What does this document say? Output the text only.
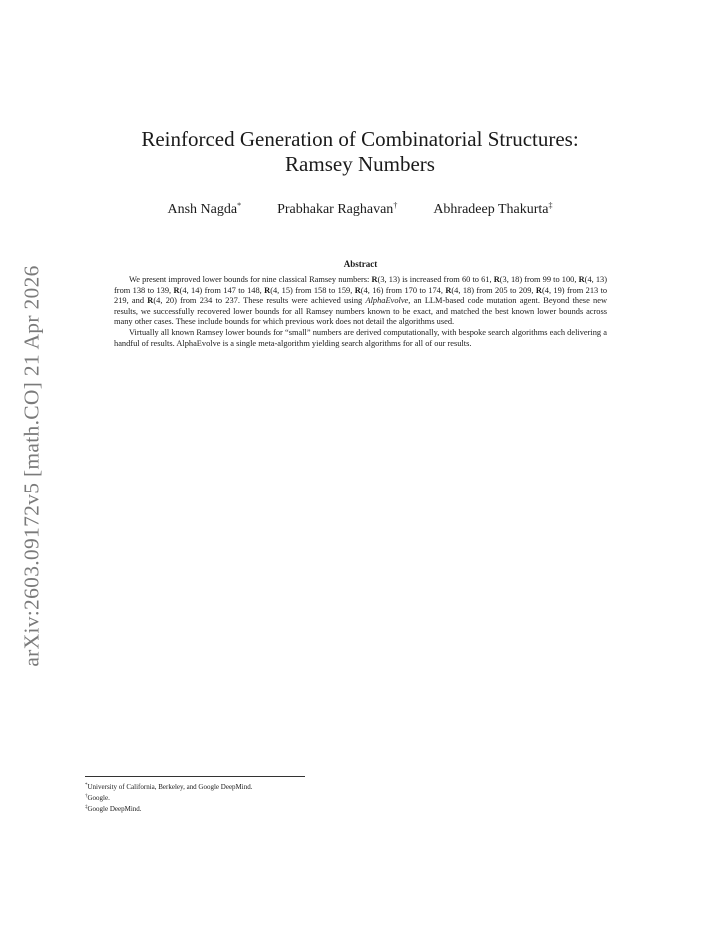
arXiv:2603.09172v5 [math.CO] 21 Apr 2026
Reinforced Generation of Combinatorial Structures:
Ramsey Numbers
Ansh Nagda*	Prabhakar Raghavan†	Abhradeep Thakurta‡
Abstract

We present improved lower bounds for nine classical Ramsey numbers: R(3, 13) is increased from 60 to 61, R(3, 18) from 99 to 100, R(4, 13) from 138 to 139, R(4, 14) from 147 to 148, R(4, 15) from 158 to 159, R(4, 16) from 170 to 174, R(4, 18) from 205 to 209, R(4, 19) from 213 to 219, and R(4, 20) from 234 to 237. These results were achieved using AlphaEvolve, an LLM-based code mutation agent. Beyond these new results, we successfully recovered lower bounds for all Ramsey numbers known to be exact, and matched the best known lower bounds across many other cases. These include bounds for which previous work does not detail the algorithms used.

Virtually all known Ramsey lower bounds for “small” numbers are derived computationally, with bespoke search algorithms each delivering a handful of results. AlphaEvolve is a single meta-algorithm yielding search algorithms for all of our results.

*University of California, Berkeley, and Google DeepMind.
†Google.
‡Google DeepMind.
